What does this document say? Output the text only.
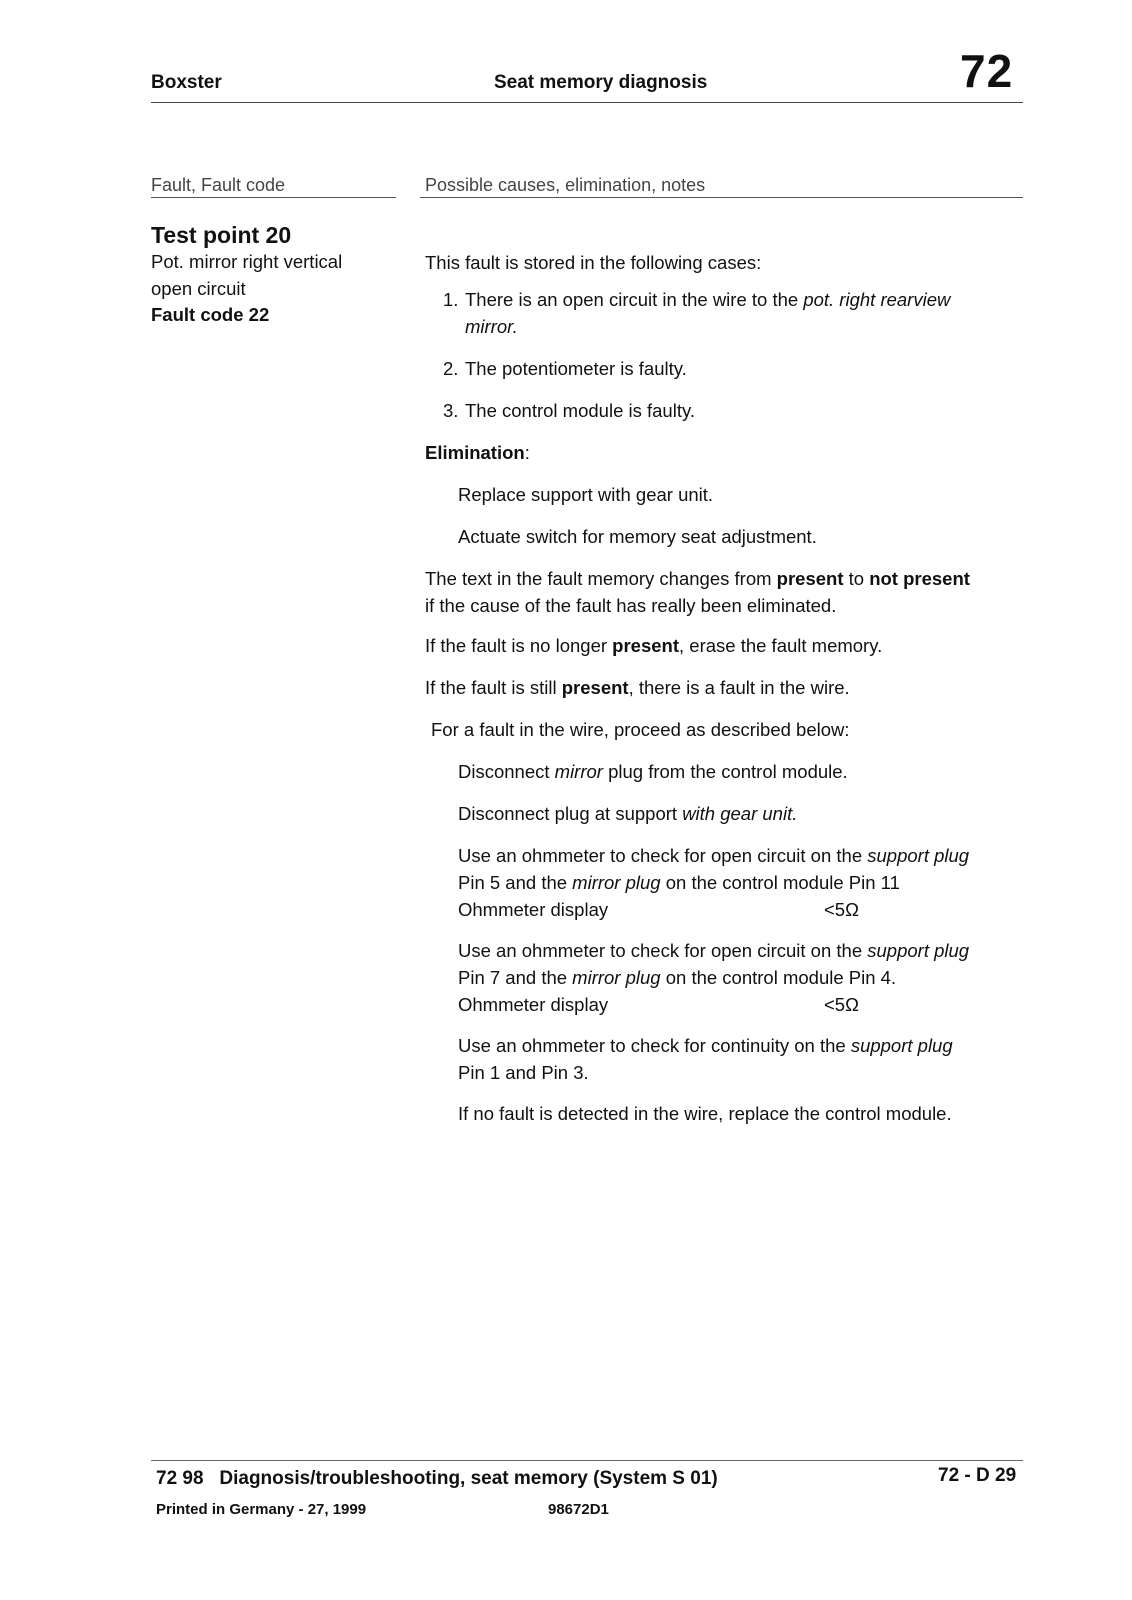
Boxster	Seat memory diagnosis	72
Fault, Fault code	Possible causes, elimination, notes
Test point 20
Pot. mirror right vertical
open circuit
Fault code 22
This fault is stored in the following cases:
1. There is an open circuit in the wire to the pot. right rearview
mirror.
2. The potentiometer is faulty.
3. The control module is faulty.
Elimination:
Replace support with gear unit.
Actuate switch for memory seat adjustment.
The text in the fault memory changes from present to not present
if the cause of the fault has really been eliminated.
If the fault is no longer present, erase the fault memory.
If the fault is still present, there is a fault in the wire.
For a fault in the wire, proceed as described below:
Disconnect mirror plug from the control module.
Disconnect plug at support with gear unit.
Use an ohmmeter to check for open circuit on the support plug
Pin 5 and the mirror plug on the control module Pin 11
Ohmmeter display	<5Ω
Use an ohmmeter to check for open circuit on the support plug
Pin 7 and the mirror plug on the control module Pin 4.
Ohmmeter display	<5Ω
Use an ohmmeter to check for continuity on the support plug
Pin 1 and Pin 3.
If no fault is detected in the wire, replace the control module.
72 98   Diagnosis/troubleshooting, seat memory (System S 01)	72 - D 29
Printed in Germany - 27, 1999	98672D1
